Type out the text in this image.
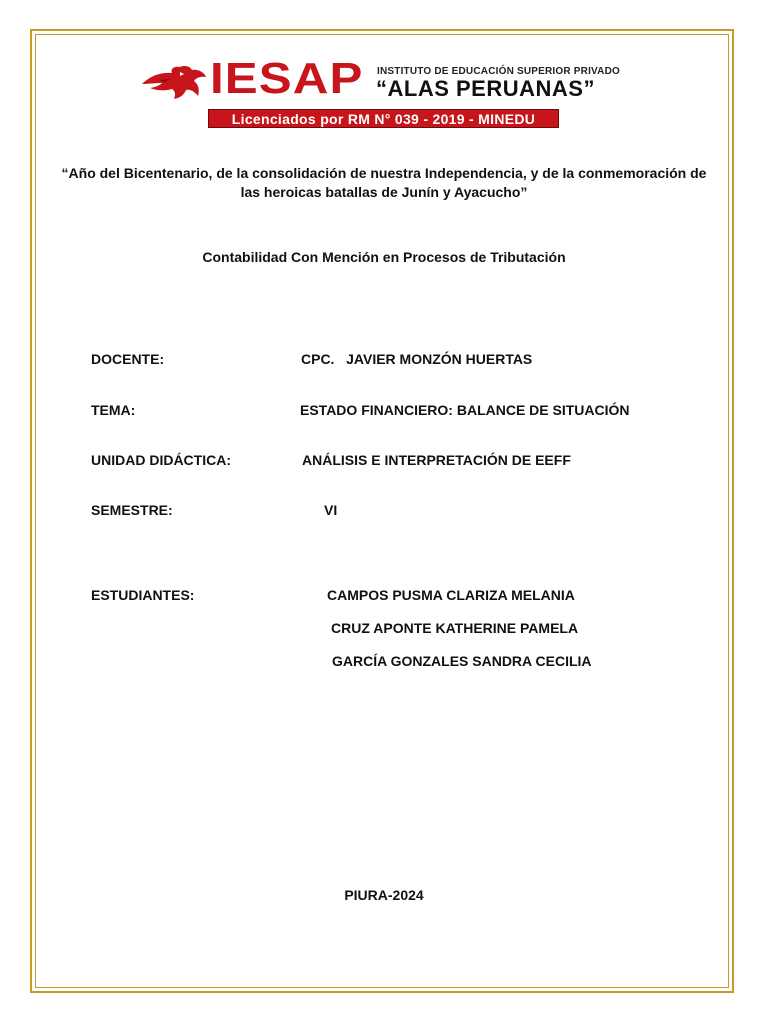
IESAP INSTITUTO DE EDUCACIÓN SUPERIOR PRIVADO
“ALAS PERUANAS”
Licenciados por RM N° 039 - 2019 - MINEDU
“Año del Bicentenario, de la consolidación de nuestra Independencia, y de la conmemoración de las heroicas batallas de Junín y Ayacucho”
Contabilidad Con Mención en Procesos de Tributación
DOCENTE:	CPC.   JAVIER MONZÓN HUERTAS
TEMA:	ESTADO FINANCIERO: BALANCE DE SITUACIÓN
UNIDAD DIDÁCTICA:	ANÁLISIS E INTERPRETACIÓN DE EEFF
SEMESTRE:	VI
ESTUDIANTES:	CAMPOS PUSMA CLARIZA MELANIA
CRUZ APONTE KATHERINE PAMELA
GARCÍA GONZALES SANDRA CECILIA
PIURA-2024
